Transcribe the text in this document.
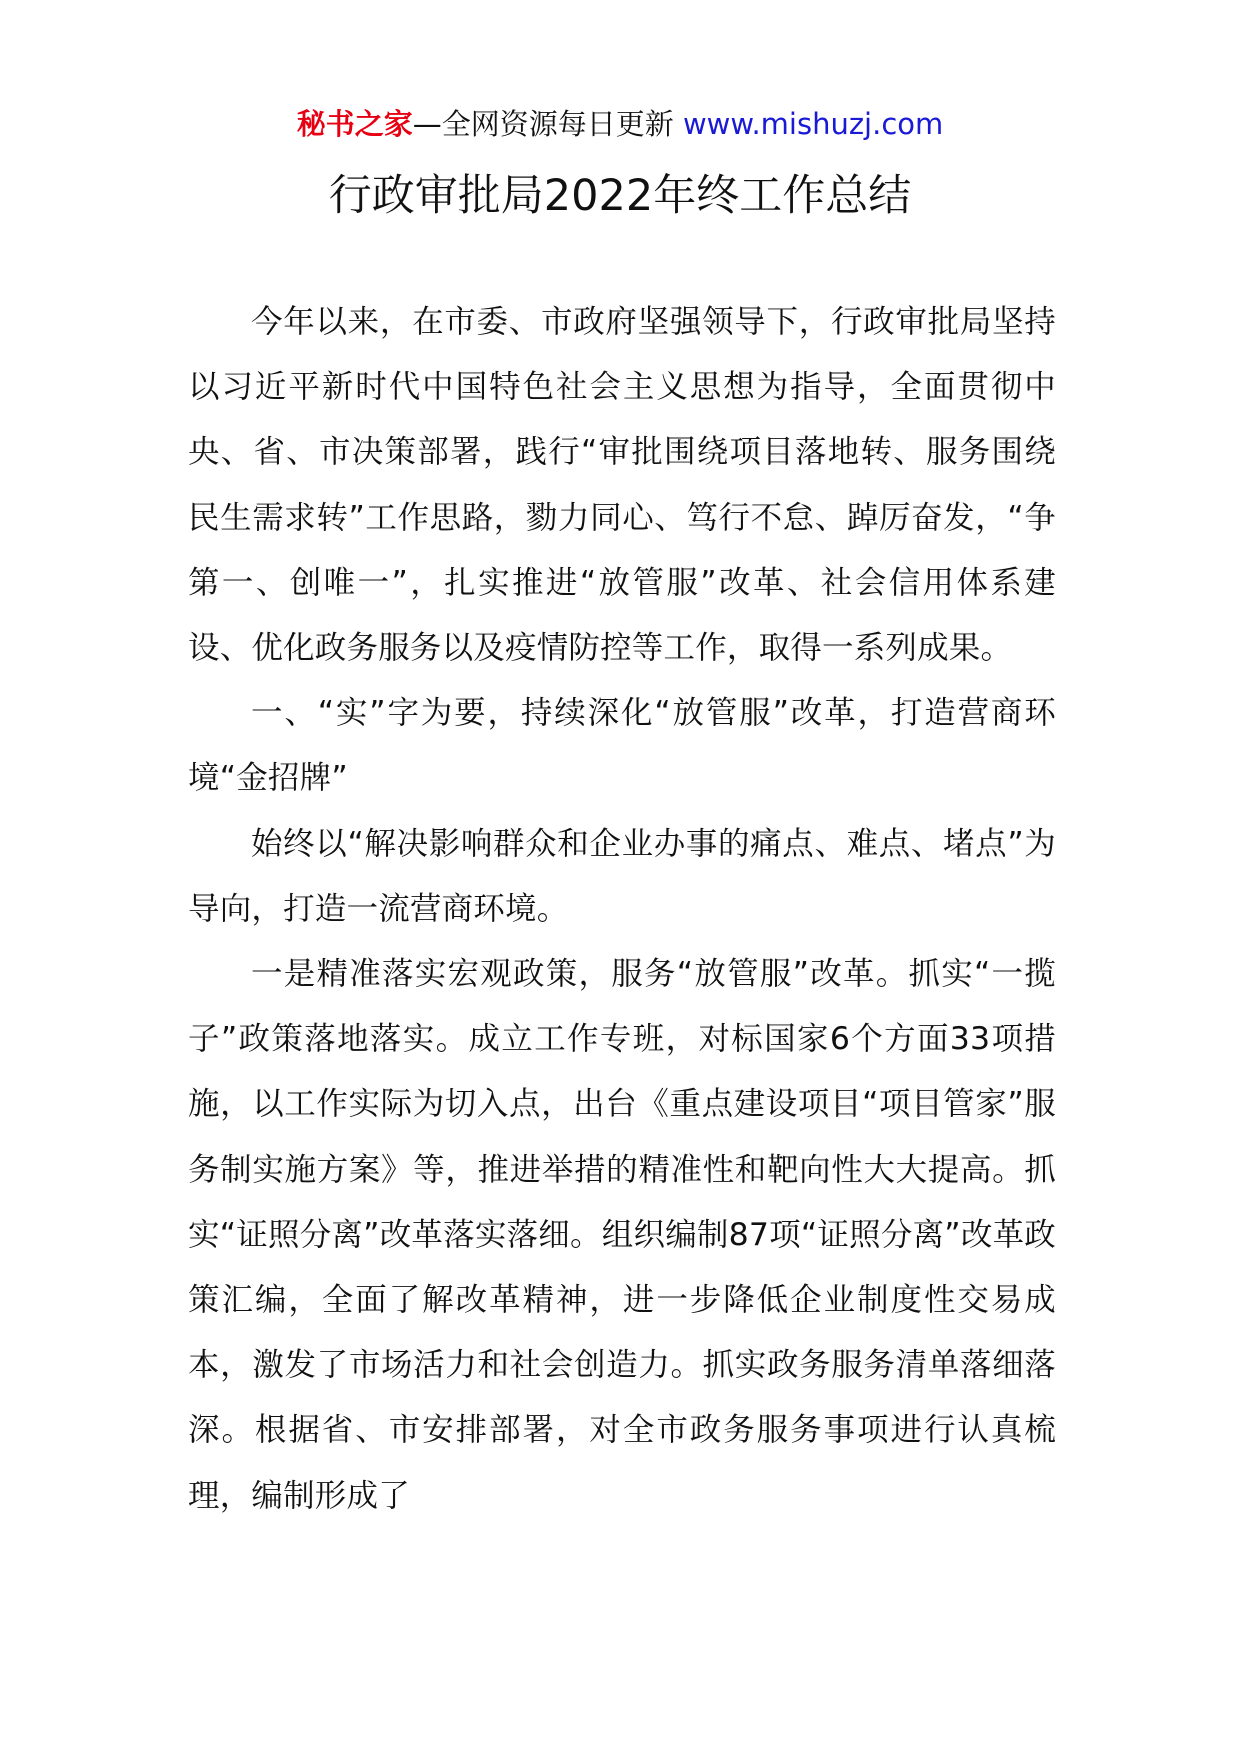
秘书之家—全网资源每日更新 www.mishuzj.com
行政审批局2022年终工作总结

今年以来，在市委、市政府坚强领导下，行政审批局坚持以习近平新时代中国特色社会主义思想为指导，全面贯彻中央、省、市决策部署，践行“审批围绕项目落地转、服务围绕民生需求转”工作思路，勠力同心、笃行不怠、踔厉奋发，“争第一、创唯一”，扎实推进“放管服”改革、社会信用体系建设、优化政务服务以及疫情防控等工作，取得一系列成果。

一、“实”字为要，持续深化“放管服”改革，打造营商环境“金招牌”

始终以“解决影响群众和企业办事的痛点、难点、堵点”为导向，打造一流营商环境。

一是精准落实宏观政策，服务“放管服”改革。抓实“一揽子”政策落地落实。成立工作专班，对标国家6个方面33项措施，以工作实际为切入点，出台《重点建设项目“项目管家”服务制实施方案》等，推进举措的精准性和靶向性大大提高。抓实“证照分离”改革落实落细。组织编制87项“证照分离”改革政策汇编，全面了解改革精神，进一步降低企业制度性交易成本，激发了市场活力和社会创造力。抓实政务服务清单落细落深。根据省、市安排部署，对全市政务服务事项进行认真梳理，编制形成了
